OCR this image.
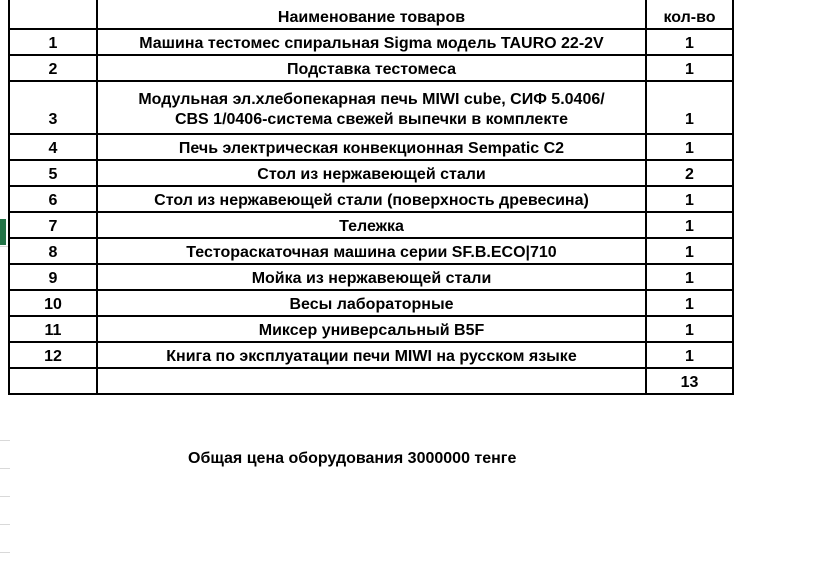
	Наименование товаров	кол-во
1	Машина тестомес спиральная Sigma модель TAURO 22-2V	1
2	Подставка тестомеса	1
3	Модульная эл.хлебопекарная печь MIWI cube, СИФ 5.0406/
CBS 1/0406-система свежей выпечки в комплекте	1
4	Печь электрическая конвекционная Sempatic C2	1
5	Стол из нержавеющей стали	2
6	Стол из нержавеющей стали (поверхность древесина)	1
7	Тележка	1
8	Тестораскаточная машина серии SF.B.ECO|710	1
9	Мойка из нержавеющей стали	1
10	Весы лабораторные	1
11	Миксер универсальный B5F	1
12	Книга по эксплуатации печи MIWI на русском языке	1
		13
Общая цена оборудования 3000000 тенге
